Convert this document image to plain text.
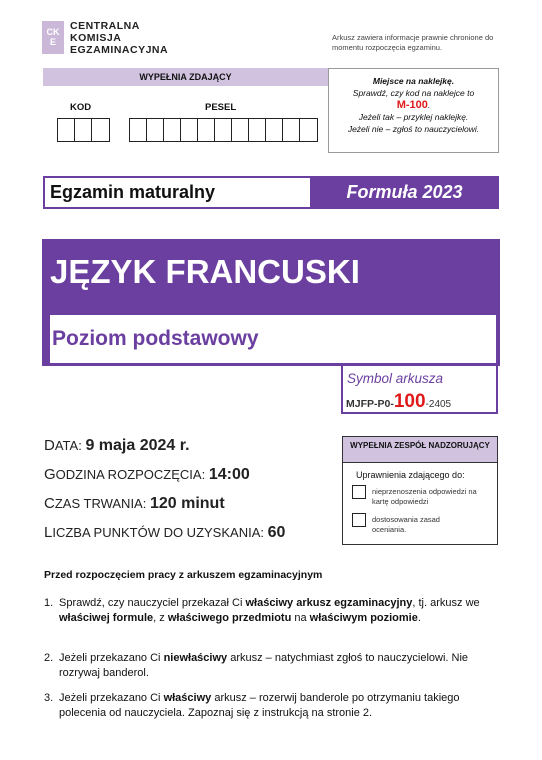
CK E
CENTRALNA
KOMISJA
EGZAMINACYJNA
Arkusz zawiera informacje prawnie chronione do momentu rozpoczęcia egzaminu.
WYPEŁNIA ZDAJĄCY
KOD	PESEL
Miejsce na naklejkę.
Sprawdź, czy kod na naklejce to
M-100.
Jeżeli tak – przyklej naklejkę.
Jeżeli nie – zgłoś to nauczycielowi.
Egzamin maturalny	Formuła 2023
JĘZYK FRANCUSKI
Poziom podstawowy
Symbol arkusza
MJFP-P0-100-2405
DATA: 9 maja 2024 r.
GODZINA ROZPOCZĘCIA: 14:00
CZAS TRWANIA: 120 minut
LICZBA PUNKTÓW DO UZYSKANIA: 60
WYPEŁNIA ZESPÓŁ NADZORUJĄCY
Uprawnienia zdającego do:
nieprzenoszenia odpowiedzi na kartę odpowiedzi
dostosowania zasad oceniania.
Przed rozpoczęciem pracy z arkuszem egzaminacyjnym
1. Sprawdź, czy nauczyciel przekazał Ci właściwy arkusz egzaminacyjny, tj. arkusz we właściwej formule, z właściwego przedmiotu na właściwym poziomie.
2. Jeżeli przekazano Ci niewłaściwy arkusz – natychmiast zgłoś to nauczycielowi. Nie rozrywaj banderol.
3. Jeżeli przekazano Ci właściwy arkusz – rozerwij banderole po otrzymaniu takiego polecenia od nauczyciela. Zapoznaj się z instrukcją na stronie 2.
